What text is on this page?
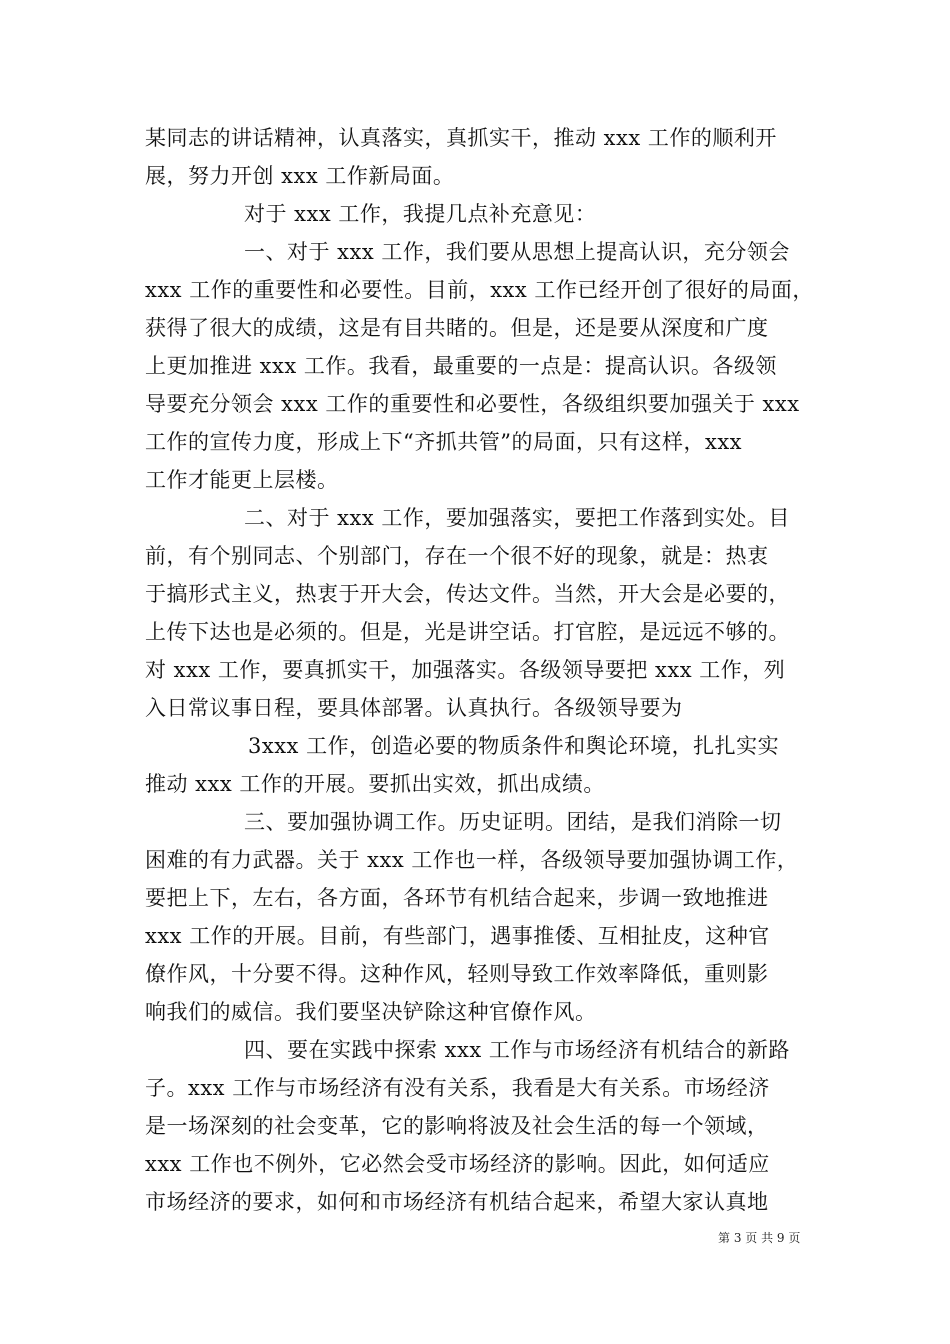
某同志的讲话精神，认真落实，真抓实干，推动 xxx 工作的顺利开
展，努力开创 xxx 工作新局面。
对于 xxx 工作，我提几点补充意见：
一、对于 xxx 工作，我们要从思想上提高认识，充分领会
xxx 工作的重要性和必要性。目前，xxx 工作已经开创了很好的局面，
获得了很大的成绩，这是有目共睹的。但是，还是要从深度和广度
上更加推进 xxx 工作。我看，最重要的一点是：提高认识。各级领
导要充分领会 xxx 工作的重要性和必要性，各级组织要加强关于 xxx
工作的宣传力度，形成上下“齐抓共管”的局面，只有这样，xxx
工作才能更上层楼。
二、对于 xxx 工作，要加强落实，要把工作落到实处。目
前，有个别同志、个别部门，存在一个很不好的现象，就是：热衷
于搞形式主义，热衷于开大会，传达文件。当然，开大会是必要的，
上传下达也是必须的。但是，光是讲空话。打官腔，是远远不够的。
对 xxx 工作，要真抓实干，加强落实。各级领导要把 xxx 工作，列
入日常议事日程，要具体部署。认真执行。各级领导要为
3xxx 工作，创造必要的物质条件和舆论环境，扎扎实实
推动 xxx 工作的开展。要抓出实效，抓出成绩。
三、要加强协调工作。历史证明。团结，是我们消除一切
困难的有力武器。关于 xxx 工作也一样，各级领导要加强协调工作，
要把上下，左右，各方面，各环节有机结合起来，步调一致地推进
xxx 工作的开展。目前，有些部门，遇事推倭、互相扯皮，这种官
僚作风，十分要不得。这种作风，轻则导致工作效率降低，重则影
响我们的威信。我们要坚决铲除这种官僚作风。
四、要在实践中探索 xxx 工作与市场经济有机结合的新路
子。xxx 工作与市场经济有没有关系，我看是大有关系。市场经济
是一场深刻的社会变革，它的影响将波及社会生活的每一个领域，
xxx 工作也不例外，它必然会受市场经济的影响。因此，如何适应
市场经济的要求，如何和市场经济有机结合起来，希望大家认真地
第 3 页 共 9 页
